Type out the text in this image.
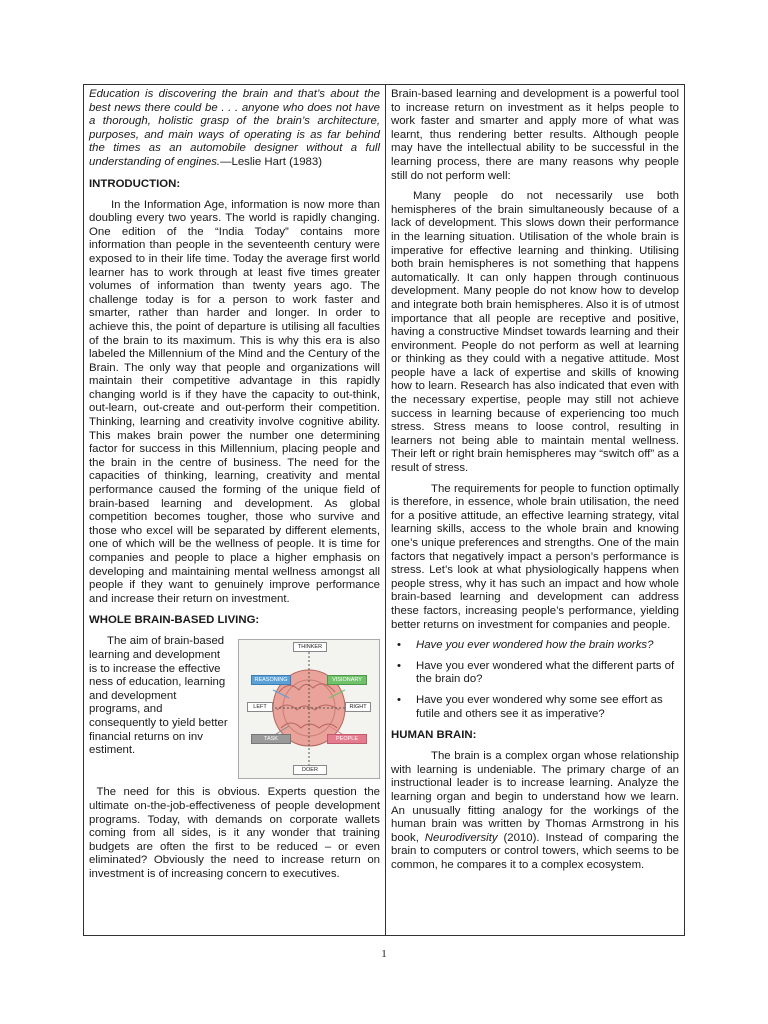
Education is discovering the brain and that’s about the best news there could be . . . anyone who does not have a thorough, holistic grasp of the brain’s architecture, purposes, and main ways of operating is as far behind the times as an automobile designer without a full understanding of engines.—Leslie Hart (1983)

INTRODUCTION:

In the Information Age, information is now more than doubling every two years. The world is rapidly changing. One edition of the “India Today” contains more information than people in the seventeenth century were exposed to in their life time. Today the average first world learner has to work through at least five times greater volumes of information than twenty years ago. The challenge today is for a person to work faster and smarter, rather than harder and longer. In order to achieve this, the point of departure is utilising all faculties of the brain to its maximum. This is why this era is also labeled the Millennium of the Mind and the Century of the Brain. The only way that people and organizations will maintain their competitive advantage in this rapidly changing world is if they have the capacity to out-think, out-learn, out-create and out-perform their competition. Thinking, learning and creativity involve cognitive ability. This makes brain power the number one determining factor for success in this Millennium, placing people and the brain in the centre of business. The need for the capacities of thinking, learning, creativity and mental performance caused the forming of the unique field of brain-based learning and development. As global competition becomes tougher, those who survive and those who excel will be separated by different elements, one of which will be the wellness of people. It is time for companies and people to place a higher emphasis on developing and maintaining mental wellness amongst all people if they want to genuinely improve performance and increase their return on investment.

WHOLE BRAIN-BASED LIVING:
The aim of brain-based learning and development is to increase the effective ness of education, learning and development programs, and consequently to yield better financial returns on inv estiment.
THINKER
REASONING	VISIONARY
LEFT	RIGHT
TASK	PEOPLE
DOER

The need for this is obvious. Experts question the ultimate on-the-job-effectiveness of people development programs. Today, with demands on corporate wallets coming from all sides, is it any wonder that training budgets are often the first to be reduced – or even eliminated? Obviously the need to increase return on investment is of increasing concern to executives.

Brain-based learning and development is a powerful tool to increase return on investment as it helps people to work faster and smarter and apply more of what was learnt, thus rendering better results. Although people may have the intellectual ability to be successful in the learning process, there are many reasons why people still do not perform well:

Many people do not necessarily use both hemispheres of the brain simultaneously because of a lack of development. This slows down their performance in the learning situation. Utilisation of the whole brain is imperative for effective learning and thinking. Utilising both brain hemispheres is not something that happens automatically. It can only happen through continuous development. Many people do not know how to develop and integrate both brain hemispheres. Also it is of utmost importance that all people are receptive and positive, having a constructive Mindset towards learning and their environment. People do not perform as well at learning or thinking as they could with a negative attitude. Most people have a lack of expertise and skills of knowing how to learn. Research has also indicated that even with the necessary expertise, people may still not achieve success in learning because of experiencing too much stress. Stress means to loose control, resulting in learners not being able to maintain mental wellness. Their left or right brain hemispheres may “switch off” as a result of stress.

The requirements for people to function optimally is therefore, in essence, whole brain utilisation, the need for a positive attitude, an effective learning strategy, vital learning skills, access to the whole brain and knowing one’s unique preferences and strengths. One of the main factors that negatively impact a person’s performance is stress. Let’s look at what physiologically happens when people stress, why it has such an impact and how whole brain-based learning and development can address these factors, increasing people’s performance, yielding better returns on investment for companies and people.

• Have you ever wondered how the brain works?
• Have you ever wondered what the different parts of the brain do?
• Have you ever wondered why some see effort as futile and others see it as imperative?
HUMAN BRAIN:

The brain is a complex organ whose relationship with learning is undeniable. The primary charge of an instructional leader is to increase learning. Analyze the learning organ and begin to understand how we learn. An unusually fitting analogy for the workings of the human brain was written by Thomas Armstrong in his book, Neurodiversity (2010). Instead of comparing the brain to computers or control towers, which seems to be common, he compares it to a complex ecosystem.

1
